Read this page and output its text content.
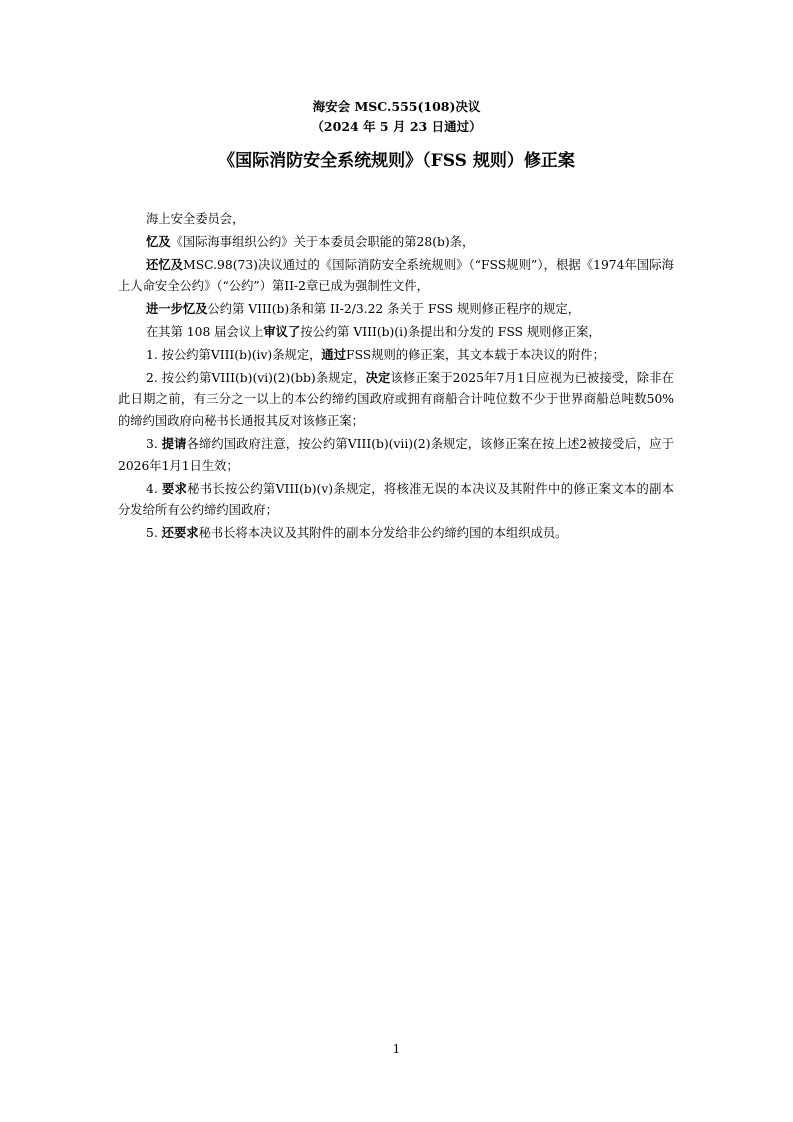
海安会 MSC.555(108)决议
（2024 年 5 月 23 日通过）
《国际消防安全系统规则》（FSS 规则）修正案

海上安全委员会，

忆及《国际海事组织公约》关于本委员会职能的第28(b)条，

还忆及MSC.98(73)决议通过的《国际消防安全系统规则》（“FSS规则”），根据《1974年国际海上人命安全公约》（“公约”）第II-2章已成为强制性文件，

进一步忆及公约第 VIII(b)条和第 II-2/3.22 条关于 FSS 规则修正程序的规定，

在其第 108 届会议上审议了按公约第 VIII(b)(i)条提出和分发的 FSS 规则修正案，

1. 按公约第VIII(b)(iv)条规定，通过FSS规则的修正案，其文本载于本决议的附件；

2. 按公约第VIII(b)(vi)(2)(bb)条规定，决定该修正案于2025年7月1日应视为已被接受，除非在此日期之前，有三分之一以上的本公约缔约国政府或拥有商船合计吨位数不少于世界商船总吨数50%的缔约国政府向秘书长通报其反对该修正案；

3. 提请各缔约国政府注意，按公约第VIII(b)(vii)(2)条规定，该修正案在按上述2被接受后，应于2026年1月1日生效；

4. 要求秘书长按公约第VIII(b)(v)条规定，将核准无误的本决议及其附件中的修正案文本的副本分发给所有公约缔约国政府；

5. 还要求秘书长将本决议及其附件的副本分发给非公约缔约国的本组织成员。

1
